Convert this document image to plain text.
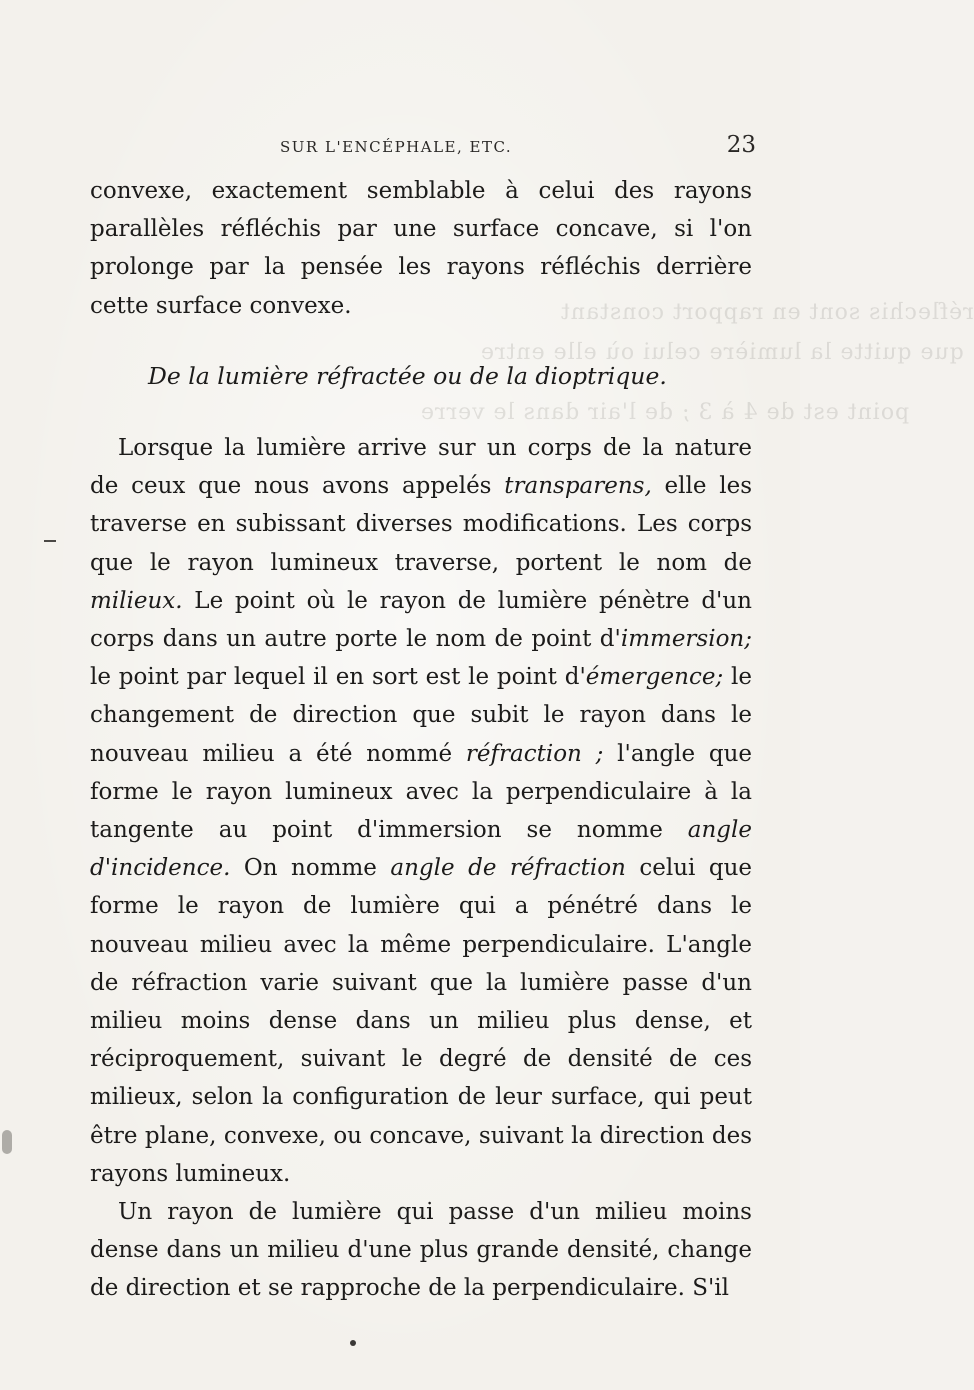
réflechis sont en rapport constant
que quitte la lumière celui où elle entre
point est de 4 à 3 ; de l'air dans le verre
SUR L'ENCÉPHALE, ETC.	23

convexe, exactement semblable à celui des rayons parallèles réfléchis par une surface concave, si l'on prolonge par la pensée les rayons réfléchis derrière cette surface convexe.

De la lumière réfractée ou de la dioptrique.

Lorsque la lumière arrive sur un corps de la nature de ceux que nous avons appelés transparens, elle les traverse en subissant diverses modifications. Les corps que le rayon lumineux traverse, portent le nom de milieux. Le point où le rayon de lumière pénètre d'un corps dans un autre porte le nom de point d'immersion; le point par lequel il en sort est le point d'émergence; le changement de direction que subit le rayon dans le nouveau milieu a été nommé réfraction ; l'angle que forme le rayon lumineux avec la perpendiculaire à la tangente au point d'immersion se nomme angle d'incidence. On nomme angle de réfraction celui que forme le rayon de lumière qui a pénétré dans le nouveau milieu avec la même perpendiculaire. L'angle de réfraction varie suivant que la lumière passe d'un milieu moins dense dans un milieu plus dense, et réciproquement, suivant le degré de densité de ces milieux, selon la configuration de leur surface, qui peut être plane, convexe, ou concave, suivant la direction des rayons lumineux.

Un rayon de lumière qui passe d'un milieu moins dense dans un milieu d'une plus grande densité, change de direction et se rapproche de la perpendiculaire. S'il
